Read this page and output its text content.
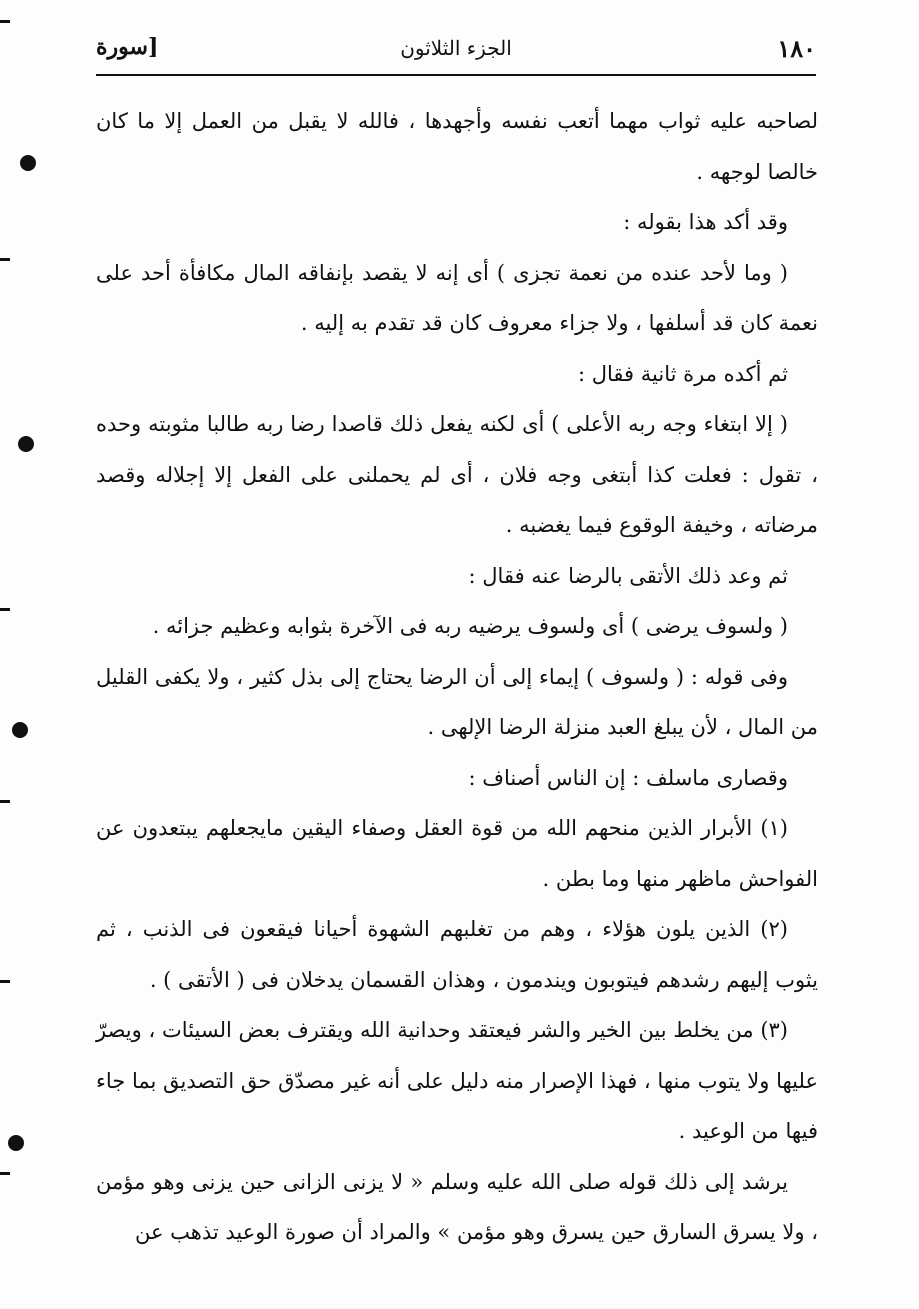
١٨٠
الجزء الثلاثون
[سورة

لصاحبه عليه ثواب مهما أتعب نفسه وأجهدها ، فالله لا يقبل من العمل إلا ما كان خالصا لوجهه .

وقد أكد هذا بقوله :

( وما لأحد عنده من نعمة تجزى ) أى إنه لا يقصد بإنفاقه المال مكافأة أحد على نعمة كان قد أسلفها ، ولا جزاء معروف كان قد تقدم به إليه .

ثم أكده مرة ثانية فقال :

( إلا ابتغاء وجه ربه الأعلى ) أى لكنه يفعل ذلك قاصدا رضا ربه طالبا مثوبته وحده ، تقول : فعلت كذا أبتغى وجه فلان ، أى لم يحملنى على الفعل إلا إجلاله وقصد مرضاته ، وخيفة الوقوع فيما يغضبه .

ثم وعد ذلك الأتقى بالرضا عنه فقال :

( ولسوف يرضى ) أى ولسوف يرضيه ربه فى الآخرة بثوابه وعظيم جزائه .

وفى قوله : ( ولسوف ) إيماء إلى أن الرضا يحتاج إلى بذل كثير ، ولا يكفى القليل من المال ، لأن يبلغ العبد منزلة الرضا الإلهى .

وقصارى ماسلف : إن الناس أصناف :

(١) الأبرار الذين منحهم الله من قوة العقل وصفاء اليقين مايجعلهم يبتعدون عن الفواحش ماظهر منها وما بطن .

(٢) الذين يلون هؤلاء ، وهم من تغلبهم الشهوة أحيانا فيقعون فى الذنب ، ثم يثوب إليهم رشدهم فيتوبون ويندمون ، وهذان القسمان يدخلان فى ( الأتقى ) .

(٣) من يخلط بين الخير والشر فيعتقد وحدانية الله ويقترف بعض السيئات ، ويصرّ عليها ولا يتوب منها ، فهذا الإصرار منه دليل على أنه غير مصدّق حق التصديق بما جاء فيها من الوعيد .

يرشد إلى ذلك قوله صلى الله عليه وسلم « لا يزنى الزانى حين يزنى وهو مؤمن ، ولا يسرق السارق حين يسرق وهو مؤمن » والمراد أن صورة الوعيد تذهب عن
